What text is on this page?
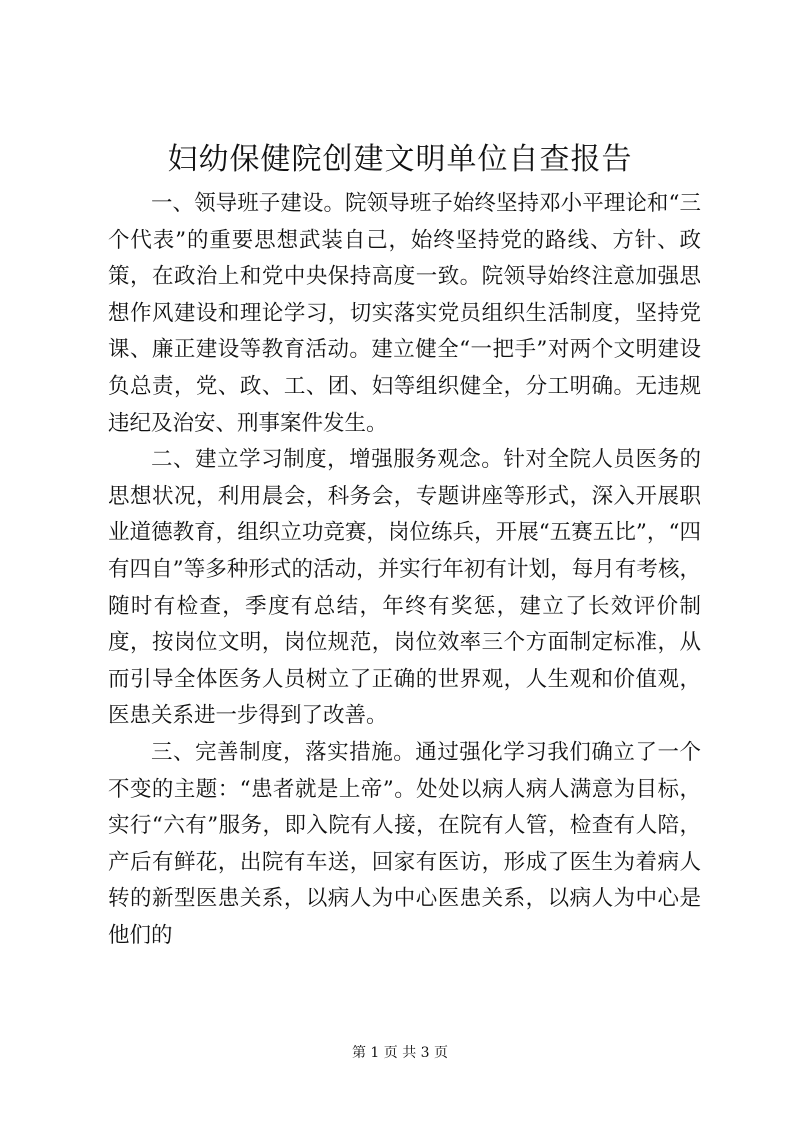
妇幼保健院创建文明单位自查报告

一、领导班子建设。院领导班子始终坚持邓小平理论和“三个代表”的重要思想武装自己，始终坚持党的路线、方针、政策，在政治上和党中央保持高度一致。院领导始终注意加强思想作风建设和理论学习，切实落实党员组织生活制度，坚持党课、廉正建设等教育活动。建立健全“一把手”对两个文明建设负总责，党、政、工、团、妇等组织健全，分工明确。无违规违纪及治安、刑事案件发生。

二、建立学习制度，增强服务观念。针对全院人员医务的思想状况，利用晨会，科务会，专题讲座等形式，深入开展职业道德教育，组织立功竞赛，岗位练兵，开展“五赛五比”，“四有四自”等多种形式的活动，并实行年初有计划，每月有考核，随时有检查，季度有总结，年终有奖惩，建立了长效评价制度，按岗位文明，岗位规范，岗位效率三个方面制定标准，从而引导全体医务人员树立了正确的世界观，人生观和价值观，医患关系进一步得到了改善。

三、完善制度，落实措施。通过强化学习我们确立了一个不变的主题：“患者就是上帝”。处处以病人病人满意为目标，实行“六有”服务，即入院有人接，在院有人管，检查有人陪，产后有鲜花，出院有车送，回家有医访，形成了医生为着病人转的新型医患关系，以病人为中心医患关系，以病人为中心是他们的

第 1 页 共 3 页
